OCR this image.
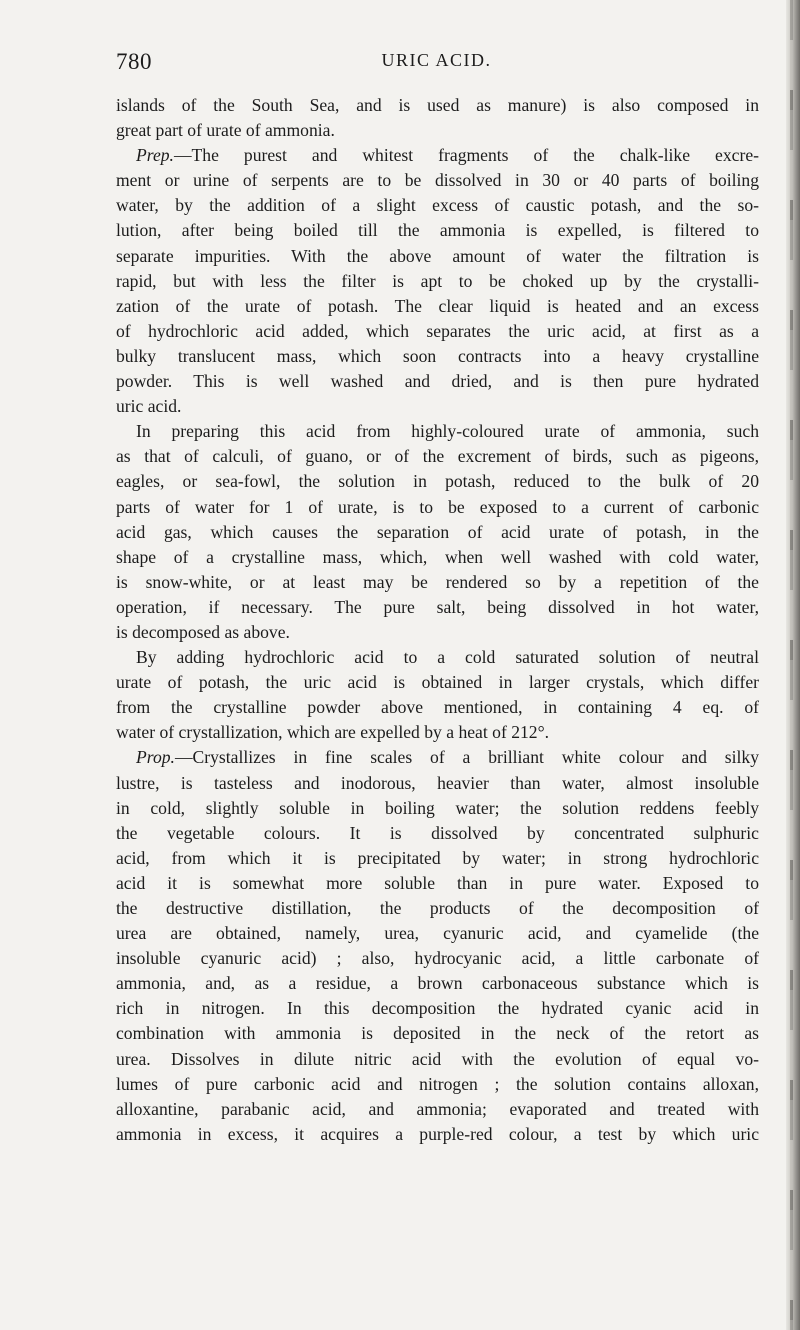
780	URIC ACID.
islands of the South Sea, and is used as manure) is also composed in
great part of urate of ammonia.
Prep.—The purest and whitest fragments of the chalk-like excre-
ment or urine of serpents are to be dissolved in 30 or 40 parts of boiling
water, by the addition of a slight excess of caustic potash, and the so-
lution, after being boiled till the ammonia is expelled, is filtered to
separate impurities. With the above amount of water the filtration is
rapid, but with less the filter is apt to be choked up by the crystalli-
zation of the urate of potash. The clear liquid is heated and an excess
of hydrochloric acid added, which separates the uric acid, at first as a
bulky translucent mass, which soon contracts into a heavy crystalline
powder. This is well washed and dried, and is then pure hydrated
uric acid.
In preparing this acid from highly-coloured urate of ammonia, such
as that of calculi, of guano, or of the excrement of birds, such as pigeons,
eagles, or sea-fowl, the solution in potash, reduced to the bulk of 20
parts of water for 1 of urate, is to be exposed to a current of carbonic
acid gas, which causes the separation of acid urate of potash, in the
shape of a crystalline mass, which, when well washed with cold water,
is snow-white, or at least may be rendered so by a repetition of the
operation, if necessary. The pure salt, being dissolved in hot water,
is decomposed as above.
By adding hydrochloric acid to a cold saturated solution of neutral
urate of potash, the uric acid is obtained in larger crystals, which differ
from the crystalline powder above mentioned, in containing 4 eq. of
water of crystallization, which are expelled by a heat of 212°.
Prop.—Crystallizes in fine scales of a brilliant white colour and silky
lustre, is tasteless and inodorous, heavier than water, almost insoluble
in cold, slightly soluble in boiling water; the solution reddens feebly
the vegetable colours. It is dissolved by concentrated sulphuric
acid, from which it is precipitated by water; in strong hydrochloric
acid it is somewhat more soluble than in pure water. Exposed to
the destructive distillation, the products of the decomposition of
urea are obtained, namely, urea, cyanuric acid, and cyamelide (the
insoluble cyanuric acid) ; also, hydrocyanic acid, a little carbonate of
ammonia, and, as a residue, a brown carbonaceous substance which is
rich in nitrogen. In this decomposition the hydrated cyanic acid in
combination with ammonia is deposited in the neck of the retort as
urea. Dissolves in dilute nitric acid with the evolution of equal vo-
lumes of pure carbonic acid and nitrogen ; the solution contains alloxan,
alloxantine, parabanic acid, and ammonia; evaporated and treated with
ammonia in excess, it acquires a purple-red colour, a test by which uric
